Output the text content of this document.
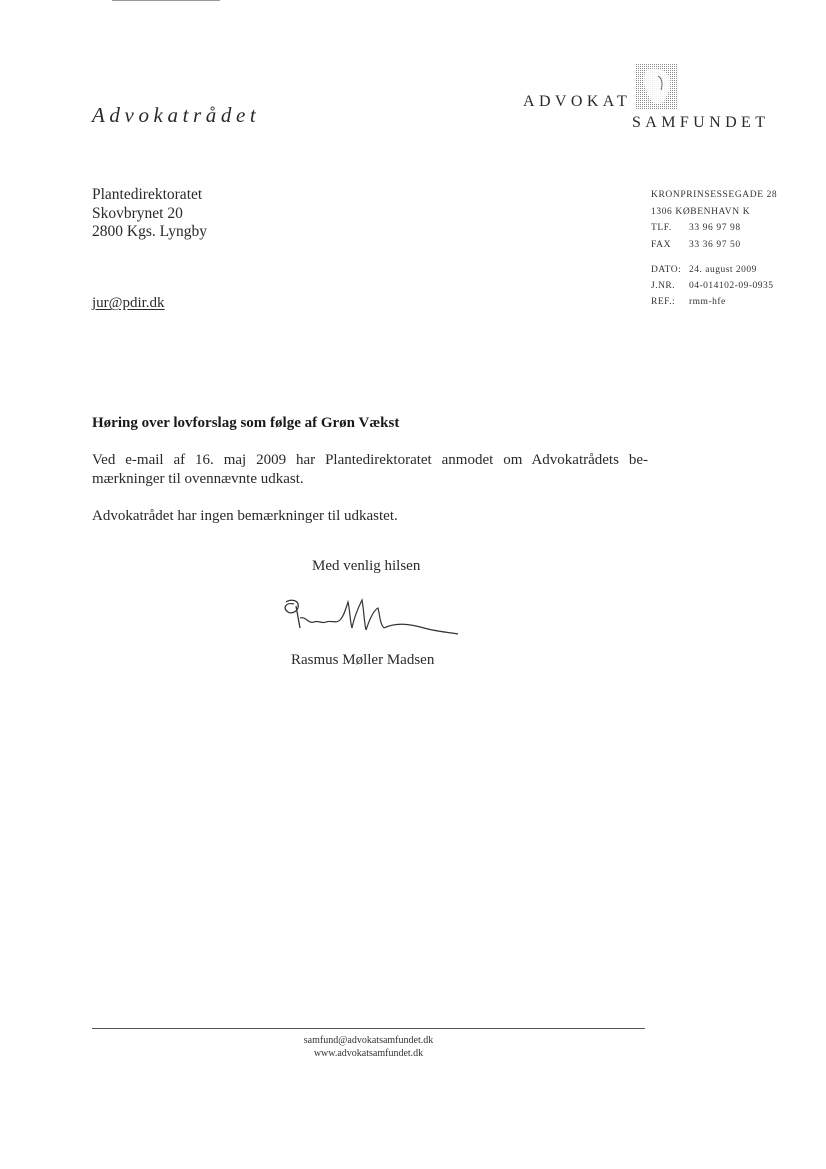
Advokatrådet
ADVOKAT
SAMFUNDET
Plantedirektoratet
Skovbrynet 20
2800 Kgs. Lyngby
jur@pdir.dk
KRONPRINSESSEGADE 28
1306 KØBENHAVN K
TLF.	33 96 97 98
FAX	33 36 97 50
DATO: 24. august 2009
J.NR.	04-014102-09-0935
REF.:	rmm-hfe
Høring over lovforslag som følge af Grøn Vækst
Ved e-mail af 16. maj 2009 har Plantedirektoratet anmodet om Advokatrådets be-mærkninger til ovennævnte udkast.
Advokatrådet har ingen bemærkninger til udkastet.
Med venlig hilsen
Rasmus Møller Madsen
samfund@advokatsamfundet.dk
www.advokatsamfundet.dk
